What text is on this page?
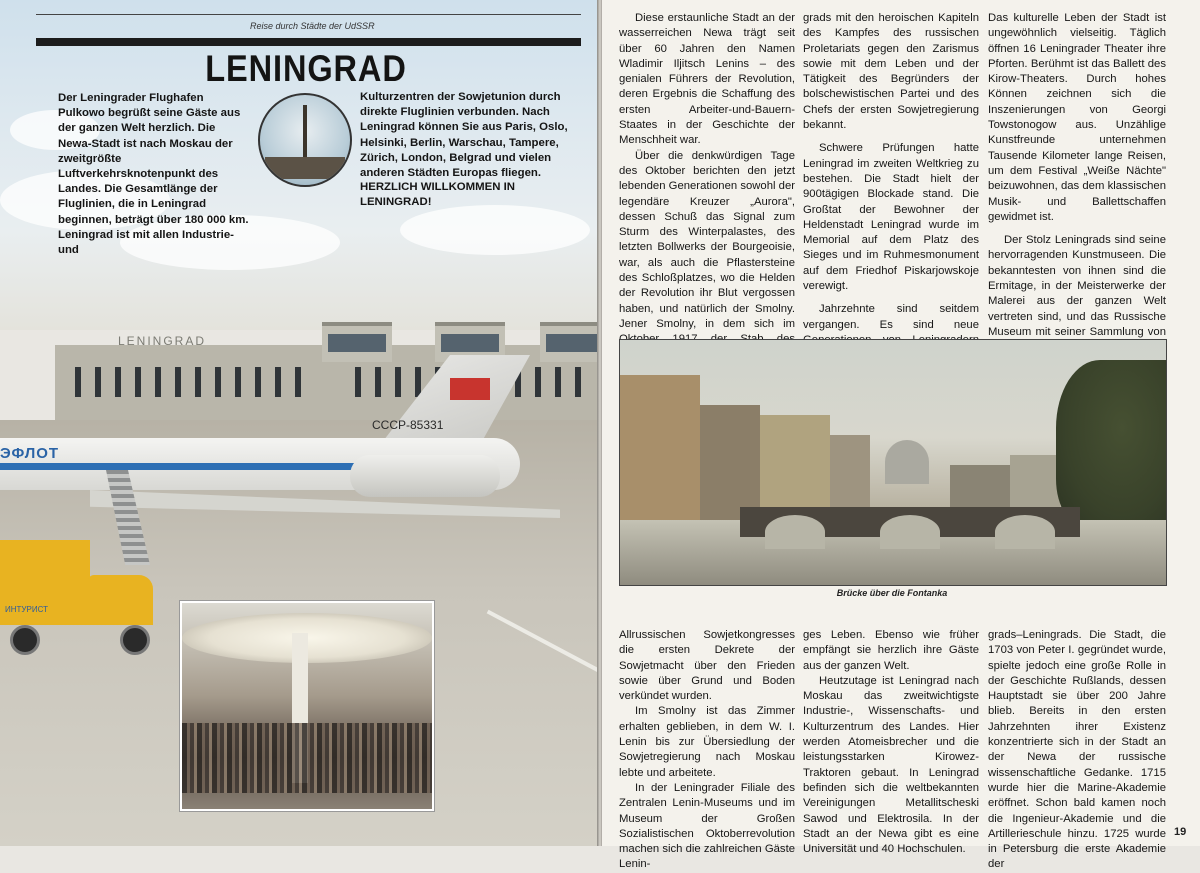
LENINGRAD
ЭФЛОТ
СССР-85331
ИНТУРИСТ
Reise durch Städte der UdSSR
LENINGRAD

Der Leningrader Flughafen Pulkowo begrüßt seine Gäste aus der ganzen Welt herzlich. Die Newa-Stadt ist nach Moskau der zweitgrößte Luftverkehrsknotenpunkt des Landes. Die Gesamtlänge der Fluglinien, die in Leningrad beginnen, beträgt über 180 000 km. Leningrad ist mit allen Industrie- und

Kulturzentren der Sowjetunion durch direkte Fluglinien verbunden. Nach Leningrad können Sie aus Paris, Oslo, Helsinki, Berlin, Warschau, Tampere, Zürich, London, Belgrad und vielen anderen Städten Europas fliegen.

HERZLICH WILLKOMMEN IN LENINGRAD!

Diese erstaunliche Stadt an der wasserreichen Newa trägt seit über 60 Jahren den Namen Wladimir Iljitsch Lenins – des genialen Führers der Revolution, deren Ergebnis die Schaffung des ersten Arbeiter-und-Bauern-Staates in der Geschichte der Menschheit war.

Über die denkwürdigen Tage des Oktober berichten den jetzt lebenden Generationen sowohl der legendäre Kreuzer „Aurora", dessen Schuß das Signal zum Sturm des Winterpalastes, des letzten Bollwerks der Bourgeoisie, war, als auch die Pflastersteine des Schloßplatzes, wo die Helden der Revolution ihr Blut vergossen haben, und natürlich der Smolny. Jener Smolny, in dem sich im

grads mit den heroischen Kapiteln des Kampfes des russischen Proletariats gegen den Zarismus sowie mit dem Leben und der Tätigkeit des Begründers der bolschewistischen Partei und des Chefs der ersten Sowjetregierung bekannt.

Schwere Prüfungen hatte Leningrad im zweiten Weltkrieg zu bestehen. Die Stadt hielt der 900tägigen Blockade stand. Die Großtat der Bewohner der Heldenstadt Leningrad wurde im Memorial auf dem Platz des Sieges und im Ruhmesmonument auf dem Friedhof Piskarjowskoje verewigt.

Jahrzehnte sind seitdem vergangen. Es sind neue

Das kulturelle Leben der Stadt ist ungewöhnlich vielseitig. Täglich öffnen 16 Leningrader Theater ihre Pforten. Berühmt ist das Ballett des Kirow-Theaters. Durch hohes Können zeichnen sich die Inszenierungen von Georgi Towstonogow aus. Unzählige Kunstfreunde unternehmen Tausende Kilometer lange Reisen, um dem Festival „Weiße Nächte" beizuwohnen, das dem klassischen Musik- und Ballettschaffen gewidmet ist.

Der Stolz Leningrads sind seine hervorragenden Kunstmuseen. Die bekanntesten von ihnen sind die Ermitage, in der Meisterwerke der Malerei aus der ganzen Welt vertreten sind, und das Russische Museum mit seiner Sammlung von

Brücke über die Fontanka

Allrussischen Sowjetkongresses die ersten Dekrete der Sowjetmacht über den Frieden sowie über Grund und Boden verkündet wurden.

Im Smolny ist das Zimmer erhalten geblieben, in dem W. I. Lenin bis zur Übersiedlung der Sowjetregierung nach Moskau lebte und arbeitete.

In der Leningrader Filiale des Zentralen Lenin-Museums und im Museum der Großen Sozialistischen Oktoberrevolution machen sich die zahlreichen Gäste Lenin-

ges Leben. Ebenso wie früher empfängt sie herzlich ihre Gäste aus der ganzen Welt.

Heutzutage ist Leningrad nach Moskau das zweitwichtigste Industrie-, Wissenschafts- und Kulturzentrum des Landes. Hier werden Atomeisbrecher und die leistungsstarken Kirowez-Traktoren gebaut. In Leningrad befinden sich die weltbekannten Vereinigungen Metallitscheski Sawod und Elektrosila. In der Stadt an der Newa gibt es eine Universität und 40 Hochschulen.

grads–Leningrads. Die Stadt, die 1703 von Peter I. gegründet wurde, spielte jedoch eine große Rolle in der Geschichte Rußlands, dessen Hauptstadt sie über 200 Jahre blieb. Bereits in den ersten Jahrzehnten ihrer Existenz konzentrierte sich in der Stadt an der Newa der russische wissenschaftliche Gedanke. 1715 wurde hier die Marine-Akademie eröffnet. Schon bald kamen noch die Ingenieur-Akademie und die Artillerieschule hinzu. 1725 wurde in Petersburg die erste Akademie der

19
